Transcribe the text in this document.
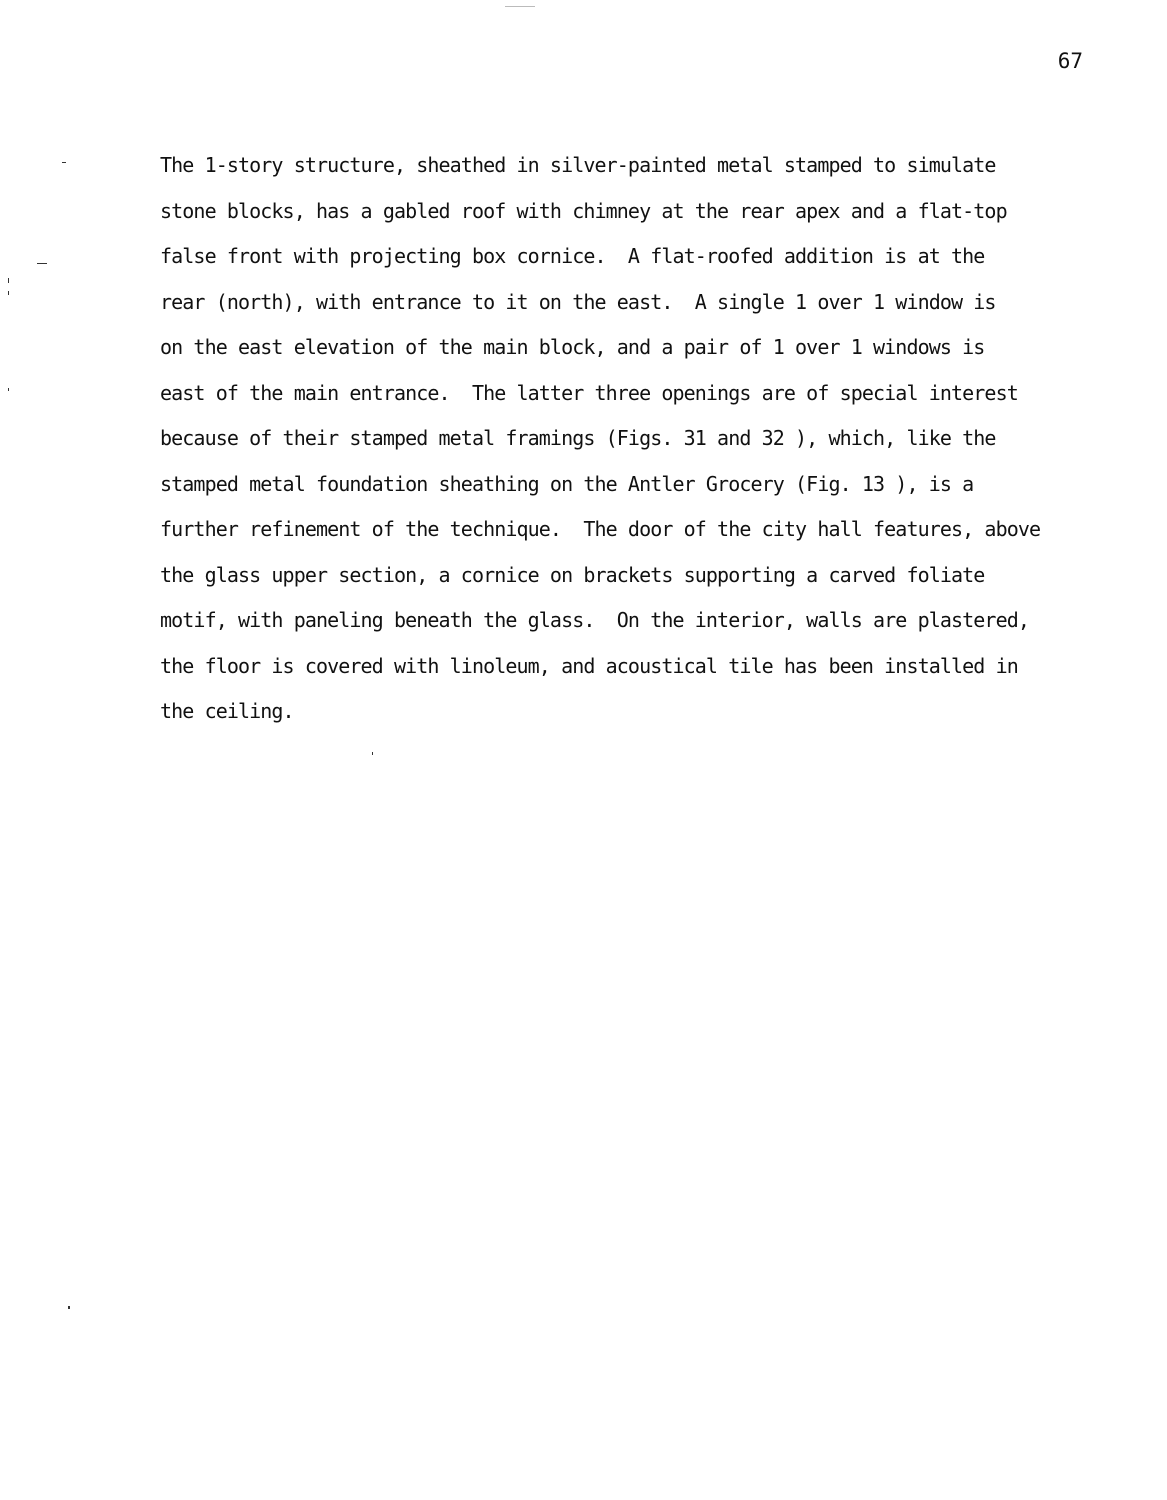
67
The 1-story structure, sheathed in silver-painted metal stamped to simulate
stone blocks, has a gabled roof with chimney at the rear apex and a flat-top
false front with projecting box cornice.  A flat-roofed addition is at the
rear (north), with entrance to it on the east.  A single 1 over 1 window is
on the east elevation of the main block, and a pair of 1 over 1 windows is
east of the main entrance.  The latter three openings are of special interest
because of their stamped metal framings (Figs. 31 and 32 ), which, like the
stamped metal foundation sheathing on the Antler Grocery (Fig. 13 ), is a
further refinement of the technique.  The door of the city hall features, above
the glass upper section, a cornice on brackets supporting a carved foliate
motif, with paneling beneath the glass.  On the interior, walls are plastered,
the floor is covered with linoleum, and acoustical tile has been installed in
the ceiling.
